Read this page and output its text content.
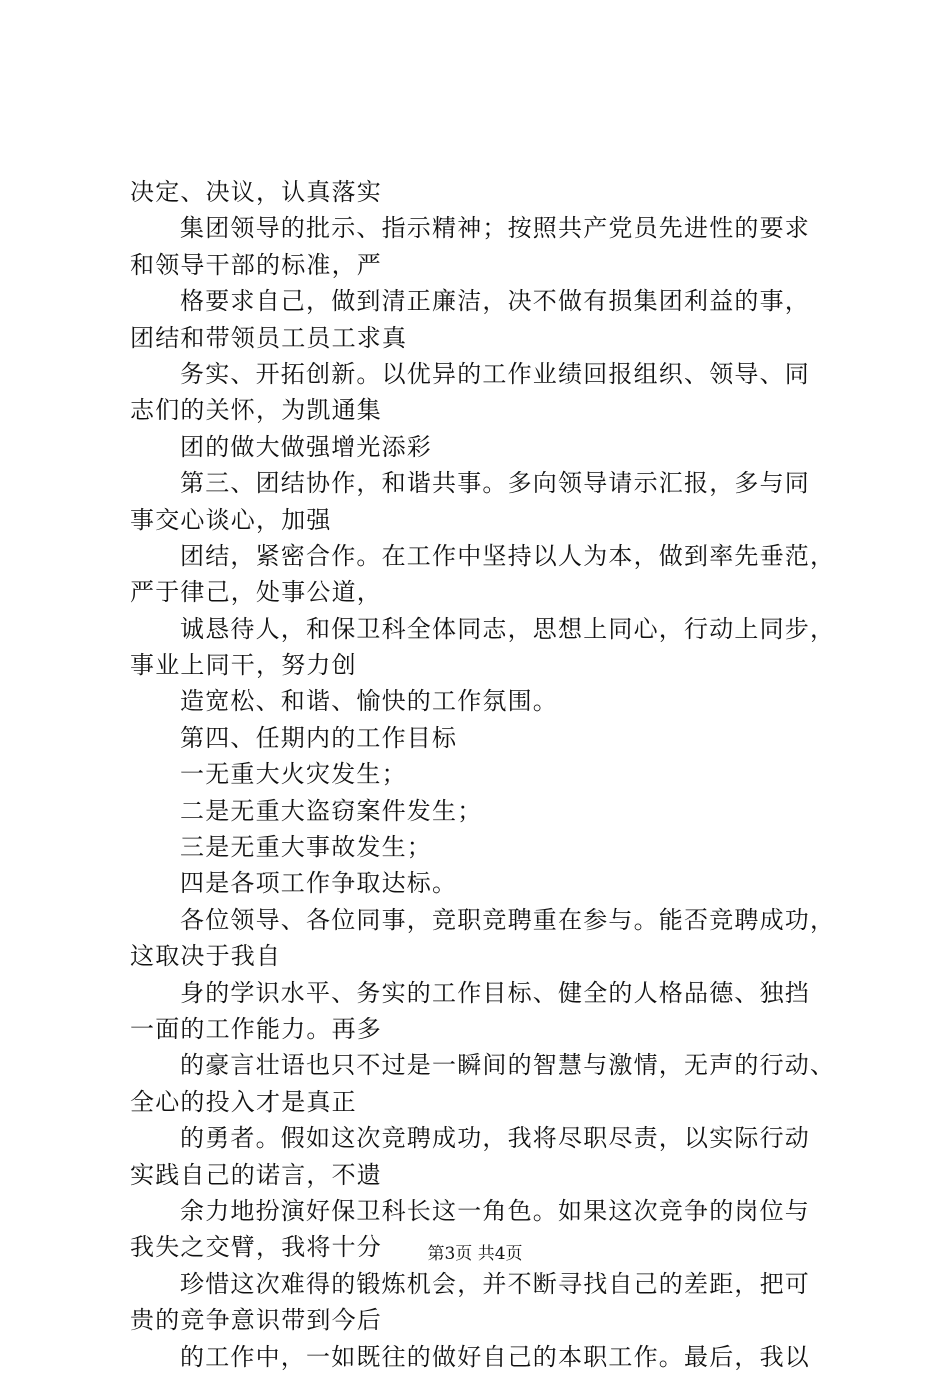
决定、决议，认真落实
集团领导的批示、指示精神；按照共产党员先进性的要求
和领导干部的标准，严
格要求自己，做到清正廉洁，决不做有损集团利益的事，
团结和带领员工员工求真
务实、开拓创新。以优异的工作业绩回报组织、领导、同
志们的关怀，为凯通集
团的做大做强增光添彩
第三、团结协作，和谐共事。多向领导请示汇报，多与同
事交心谈心，加强
团结，紧密合作。在工作中坚持以人为本，做到率先垂范，
严于律己，处事公道，
诚恳待人，和保卫科全体同志，思想上同心，行动上同步，
事业上同干，努力创
造宽松、和谐、愉快的工作氛围。
第四、任期内的工作目标
一无重大火灾发生；
二是无重大盗窃案件发生；
三是无重大事故发生；
四是各项工作争取达标。
各位领导、各位同事，竞职竞聘重在参与。能否竞聘成功，
这取决于我自
身的学识水平、务实的工作目标、健全的人格品德、独挡
一面的工作能力。再多
的豪言壮语也只不过是一瞬间的智慧与激情，无声的行动、
全心的投入才是真正
的勇者。假如这次竞聘成功，我将尽职尽责，以实际行动
实践自己的诺言，不遗
余力地扮演好保卫科长这一角色。如果这次竞争的岗位与
我失之交臂，我将十分
珍惜这次难得的锻炼机会，并不断寻找自己的差距，把可
贵的竞争意识带到今后
的工作中，一如既往的做好自己的本职工作。最后，我以
第3页 共4页
